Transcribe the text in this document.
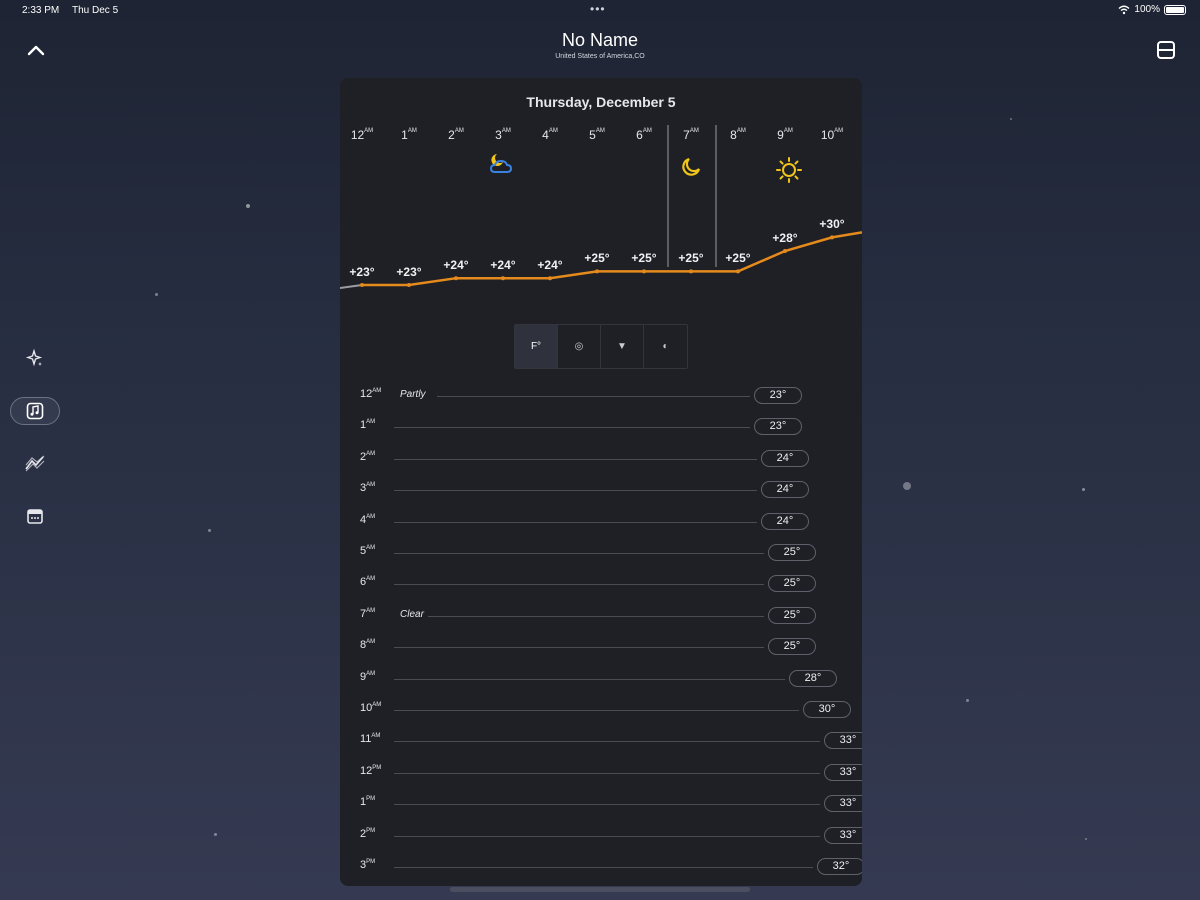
2:33 PM Thu Dec 5	•••	100%
No Name
United States of America,CO
Thursday, December 5
$12^{AM}$ $1^{AM}$	$2^{AM}$	$3^{AM}$	$4^{AM}$	$5^{AM}$	$6^{AM}$	$7^{AM}$	$8^{AM}$	$9^{AM}$ $10^{AM}$
+23° +23° +24° +24° +24° +25° +25° +25° +25°
+28°
+30°
F°	◎	▼	◐
$12^{AM}$ Partly	23°
$1^{AM}$	23°
$2^{AM}$	24°
$3^{AM}$	24°
$4^{AM}$	24°
$5^{AM}$	25°
$6^{AM}$	25°
$7^{AM}$ Clear	25°
$8^{AM}$	25°
$9^{AM}$	28°
$10^{AM}$	30°
$11^{AM}$	33°
$12^{PM}$	33°
$1^{PM}$	33°
$2^{PM}$	33°
$3^{PM}$	32°
